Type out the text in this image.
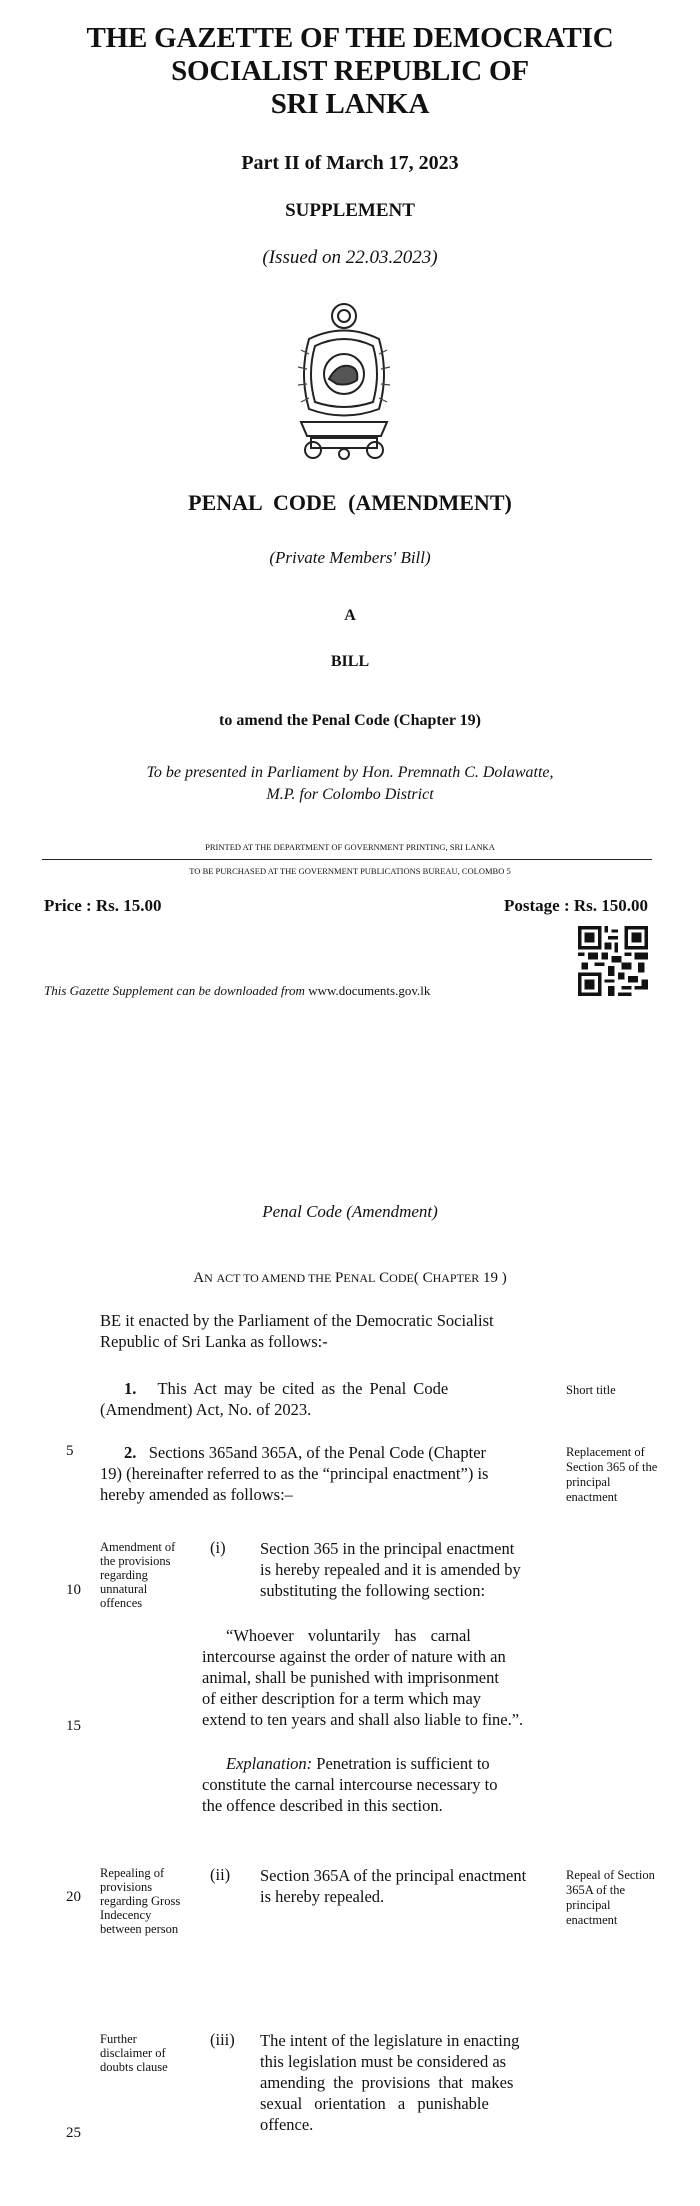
THE GAZETTE OF THE DEMOCRATIC
SOCIALIST REPUBLIC OF
SRI LANKA
Part II of March 17, 2023
SUPPLEMENT
(Issued on 22.03.2023)
PENAL CODE (AMENDMENT)
(Private Members' Bill)
A
BILL
to amend the Penal Code (Chapter 19)
To be presented in Parliament by Hon. Premnath C. Dolawatte,
M.P. for Colombo District
PRINTED AT THE DEPARTMENT OF GOVERNMENT PRINTING, SRI LANKA
TO BE PURCHASED AT THE GOVERNMENT PUBLICATIONS BUREAU, COLOMBO 5
Price : Rs. 15.00	Postage : Rs. 150.00
This Gazette Supplement can be downloaded from www.documents.gov.lk
Penal Code (Amendment)
AN ACT TO AMEND THE PENAL CODE( CHAPTER 19 )
BE it enacted by the Parliament of the Democratic Socialist
Republic of Sri Lanka as follows:-
1. This Act may be cited as the Penal Code
(Amendment) Act, No. of 2023.
Short title
5	2. Sections 365and 365A, of the Penal Code (Chapter
19) (hereinafter referred to as the “principal enactment”) is
hereby amended as follows:–
Replacement of Section 365 of the principal enactment
Amendment of the provisions regarding unnatural offences
10
(i) Section 365 in the principal enactment
is hereby repealed and it is amended by
substituting the following section:
“Whoever voluntarily has carnal
intercourse against the order of nature with an
animal, shall be punished with imprisonment
of either description for a term which may
extend to ten years and shall also liable to fine.”.
15
Explanation: Penetration is sufficient to
constitute the carnal intercourse necessary to
the offence described in this section.
Repealing of provisions regarding Gross Indecency between person
20
(ii) Section 365A of the principal enactment
is hereby repealed.
Repeal of Section 365A of the principal enactment
Further disclaimer of doubts clause
(iii) The intent of the legislature in enacting
this legislation must be considered as
amending the provisions that makes
sexual orientation a punishable
offence.
25
